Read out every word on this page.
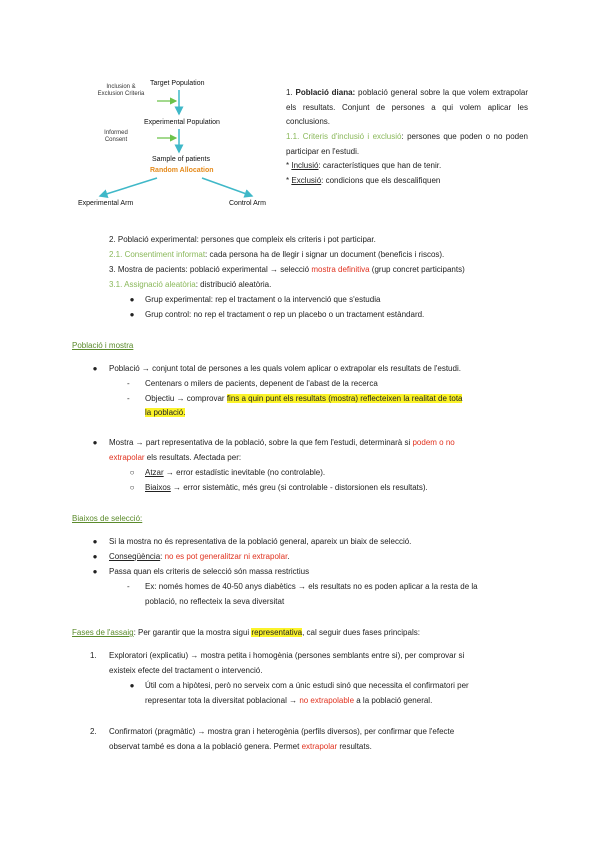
Target Population
Inclusion &
Exclusion Criteria
Experimental Population
Informed
Consent
Sample of patients
Random Allocation
Experimental Arm	Control Arm
1. Població diana: població general sobre la que volem extrapolar els resultats. Conjunt de persones a qui volem aplicar les conclusions.
1.1. Criteris d'inclusió i exclusió: persones que poden o no poden participar en l'estudi.
* Inclusió: característiques que han de tenir.
* Exclusió: condicions que els descalifiquen
2. Població experimental: persones que compleix els criteris i pot participar.
2.1. Consentiment informat: cada persona ha de llegir i signar un document (beneficis i riscos).
3. Mostra de pacients: població experimental → selecció mostra definitiva (grup concret participants)
3.1. Assignació aleatòria: distribució aleatòria.
●	Grup experimental: rep el tractament o la intervenció que s'estudia
●	Grup control: no rep el tractament o rep un placebo o un tractament estàndard.
Població i mostra
●	Població → conjunt total de persones a les quals volem aplicar o extrapolar els resultats de l'estudi.
- Centenars o milers de pacients, depenent de l'abast de la recerca
- Objectiu → comprovar fins a quin punt els resultats (mostra) reflecteixen la realitat de tota
la població.
●	Mostra → part representativa de la població, sobre la que fem l'estudi, determinarà si podem o no
extrapolar els resultats. Afectada per:
○	Atzar → error estadístic inevitable (no controlable).
○	Biaixos → error sistemàtic, més greu (si controlable - distorsionen els resultats).
Biaixos de selecció:
●	Si la mostra no és representativa de la població general, apareix un biaix de selecció.
●	Conseqüència: no es pot generalitzar ni extrapolar.
●	Passa quan els criteris de selecció són massa restrictius
- Ex: només homes de 40-50 anys diabètics → els resultats no es poden aplicar a la resta de la
població, no reflecteix la seva diversitat
Fases de l'assaig: Per garantir que la mostra sigui representativa, cal seguir dues fases principals:
1. Exploratori (explicatiu) → mostra petita i homogènia (persones semblants entre si), per comprovar si
existeix efecte del tractament o intervenció.
●	Útil com a hipòtesi, però no serveix com a únic estudi sinó que necessita el confirmatori per
representar tota la diversitat poblacional → no extrapolable a la població general.
2. Confirmatori (pragmàtic) → mostra gran i heterogènia (perfils diversos), per confirmar que l'efecte
observat també es dona a la població genera. Permet extrapolar resultats.
